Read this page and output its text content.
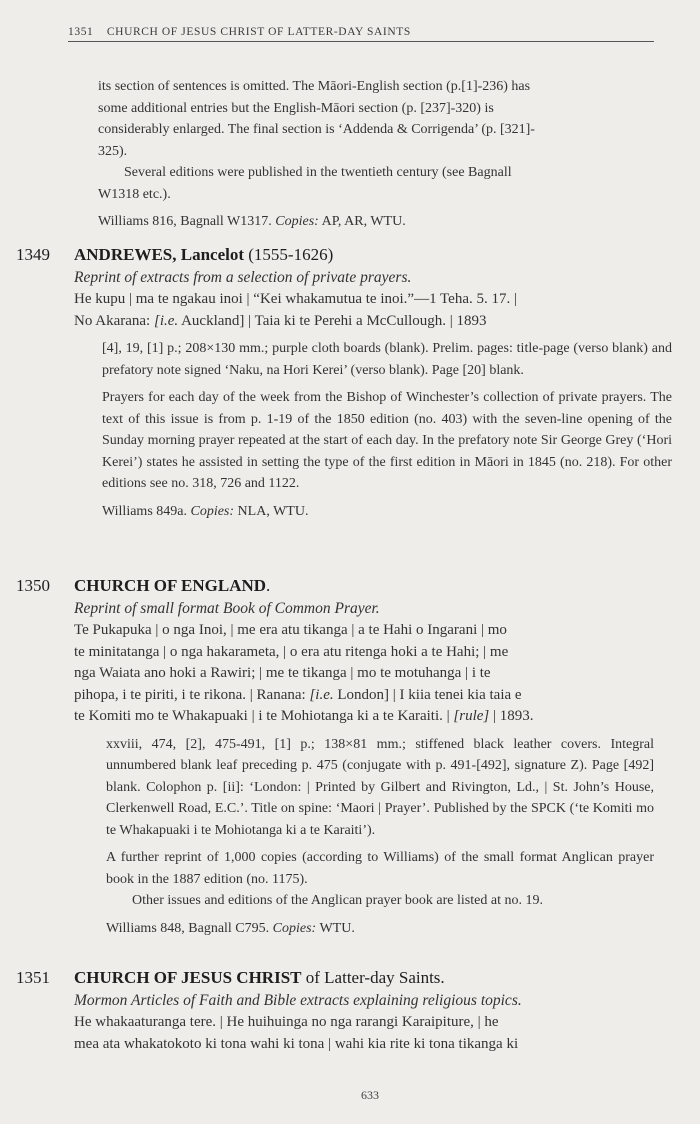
1351 CHURCH OF JESUS CHRIST OF LATTER-DAY SAINTS

its section of sentences is omitted. The Māori-English section (p.[1]-236) has
some additional entries but the English-Māori section (p. [237]-320) is
considerably enlarged. The final section is ‘Addenda & Corrigenda’ (p. [321]-
325).

Several editions were published in the twentieth century (see Bagnall
W1318 etc.).

Williams 816, Bagnall W1317. Copies: AP, AR, WTU.

1349 ANDREWES, Lancelot (1555-1626)
Reprint of extracts from a selection of private prayers.
He kupu | ma te ngakau inoi | “Kei whakamutua te inoi.”—1 Teha. 5. 17. |
No Akarana: [i.e. Auckland] | Taia ki te Perehi a McCullough. | 1893

[4], 19, [1] p.; 208×130 mm.; purple cloth boards (blank). Prelim. pages: title-page (verso blank) and prefatory note signed ‘Naku, na Hori Kerei’ (verso blank). Page [20] blank.

Prayers for each day of the week from the Bishop of Winchester’s collection of private prayers. The text of this issue is from p. 1-19 of the 1850 edition (no. 403) with the seven-line opening of the Sunday morning prayer repeated at the start of each day. In the prefatory note Sir George Grey (‘Hori Kerei’) states he assisted in setting the type of the first edition in Māori in 1845 (no. 218). For other editions see no. 318, 726 and 1122.

Williams 849a. Copies: NLA, WTU.

1350 CHURCH OF ENGLAND.
Reprint of small format Book of Common Prayer.
Te Pukapuka | o nga Inoi, | me era atu tikanga | a te Hahi o Ingarani | mo
te minitatanga | o nga hakarameta, | o era atu ritenga hoki a te Hahi; | me
nga Waiata ano hoki a Rawiri; | me te tikanga | mo te motuhanga | i te
pihopa, i te piriti, i te rikona. | Ranana: [i.e. London] | I kiia tenei kia taia e
te Komiti mo te Whakapuaki | i te Mohiotanga ki a te Karaiti. | [rule] | 1893.

xxviii, 474, [2], 475-491, [1] p.; 138×81 mm.; stiffened black leather covers. Integral unnumbered blank leaf preceding p. 475 (conjugate with p. 491-[492], signature Z). Page [492] blank. Colophon p. [ii]: ‘London: | Printed by Gilbert and Rivington, Ld., | St. John’s House, Clerkenwell Road, E.C.’. Title on spine: ‘Maori | Prayer’. Published by the SPCK (‘te Komiti mo te Whakapuaki i te Mohiotanga ki a te Karaiti’).

A further reprint of 1,000 copies (according to Williams) of the small format Anglican prayer book in the 1887 edition (no. 1175).

Other issues and editions of the Anglican prayer book are listed at no. 19.

Williams 848, Bagnall C795. Copies: WTU.

1351 CHURCH OF JESUS CHRIST of Latter-day Saints.
Mormon Articles of Faith and Bible extracts explaining religious topics.
He whakaaturanga tere. | He huihuinga no nga rarangi Karaipiture, | he
mea ata whakatokoto ki tona wahi ki tona | wahi kia rite ki tona tikanga ki
633
